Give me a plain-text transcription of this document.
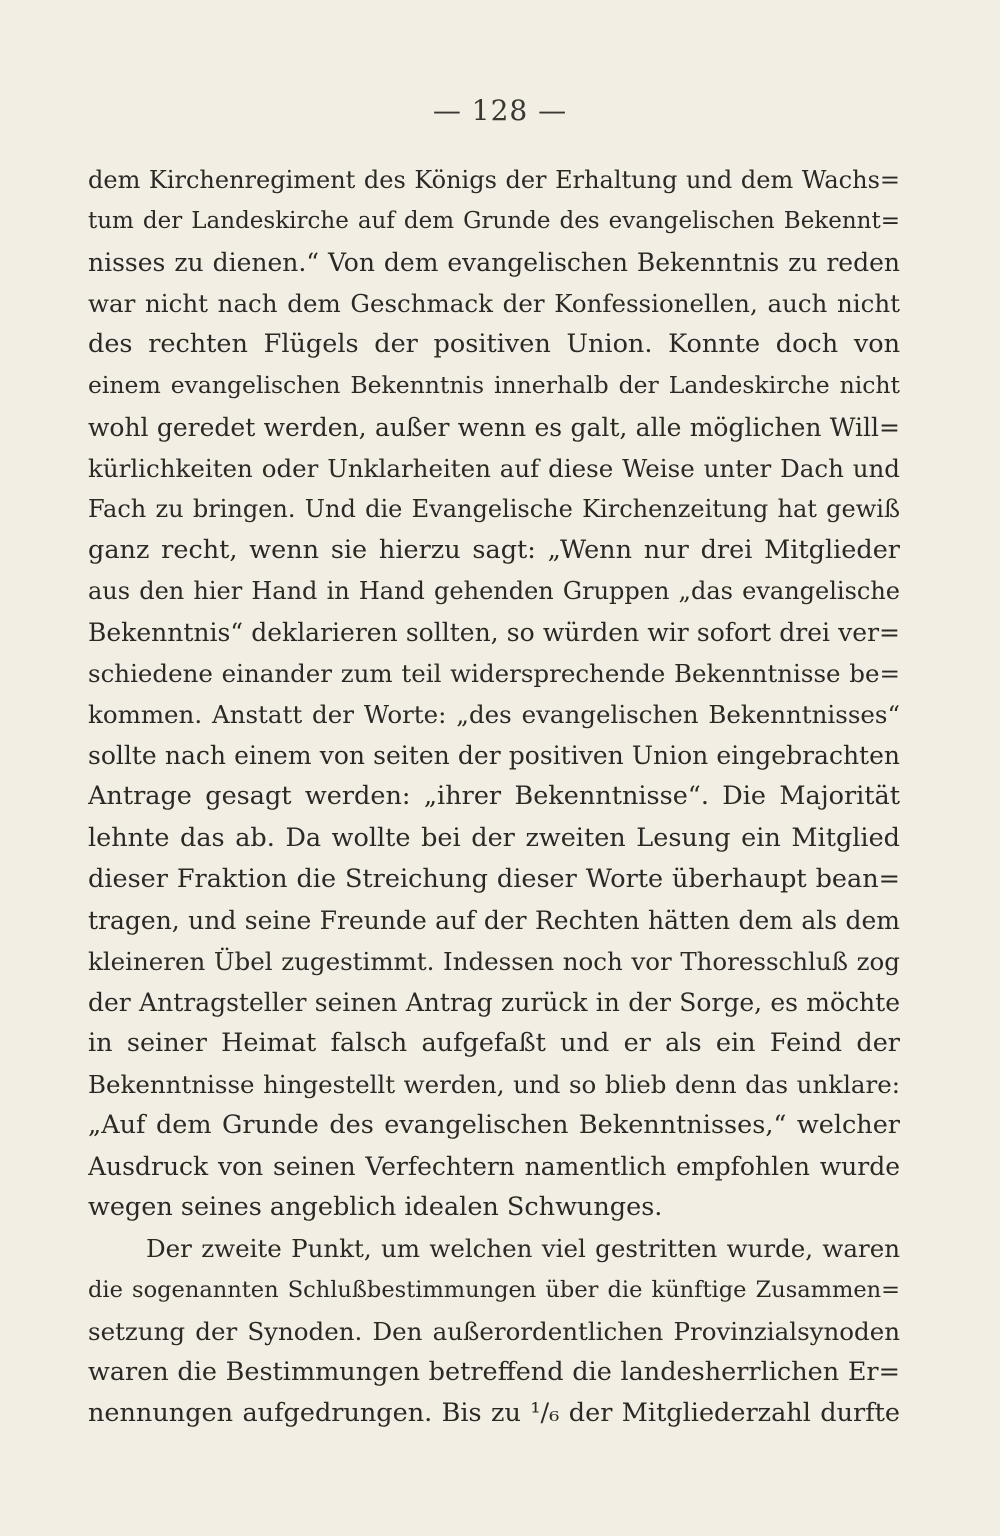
— 128 —
dem Kirchenregiment des Königs der Erhaltung und dem Wachs=
tum der Landeskirche auf dem Grunde des evangelischen Bekennt=
nisses zu dienen.“ Von dem evangelischen Bekenntnis zu reden
war nicht nach dem Geschmack der Konfessionellen, auch nicht
des rechten Flügels der positiven Union. Konnte doch von
einem evangelischen Bekenntnis innerhalb der Landeskirche nicht
wohl geredet werden, außer wenn es galt, alle möglichen Will=
kürlichkeiten oder Unklarheiten auf diese Weise unter Dach und
Fach zu bringen. Und die Evangelische Kirchenzeitung hat gewiß
ganz recht, wenn sie hierzu sagt: „Wenn nur drei Mitglieder
aus den hier Hand in Hand gehenden Gruppen „das evangelische
Bekenntnis“ deklarieren sollten, so würden wir sofort drei ver=
schiedene einander zum teil widersprechende Bekenntnisse be=
kommen. Anstatt der Worte: „des evangelischen Bekenntnisses“
sollte nach einem von seiten der positiven Union eingebrachten
Antrage gesagt werden: „ihrer Bekenntnisse“. Die Majorität
lehnte das ab. Da wollte bei der zweiten Lesung ein Mitglied
dieser Fraktion die Streichung dieser Worte überhaupt bean=
tragen, und seine Freunde auf der Rechten hätten dem als dem
kleineren Übel zugestimmt. Indessen noch vor Thoresschluß zog
der Antragsteller seinen Antrag zurück in der Sorge, es möchte
in seiner Heimat falsch aufgefaßt und er als ein Feind der
Bekenntnisse hingestellt werden, und so blieb denn das unklare:
„Auf dem Grunde des evangelischen Bekenntnisses,“ welcher
Ausdruck von seinen Verfechtern namentlich empfohlen wurde
wegen seines angeblich idealen Schwunges.
Der zweite Punkt, um welchen viel gestritten wurde, waren
die sogenannten Schlußbestimmungen über die künftige Zusammen=
setzung der Synoden. Den außerordentlichen Provinzialsynoden
waren die Bestimmungen betreffend die landesherrlichen Er=
nennungen aufgedrungen. Bis zu ¹/₆ der Mitgliederzahl durfte
